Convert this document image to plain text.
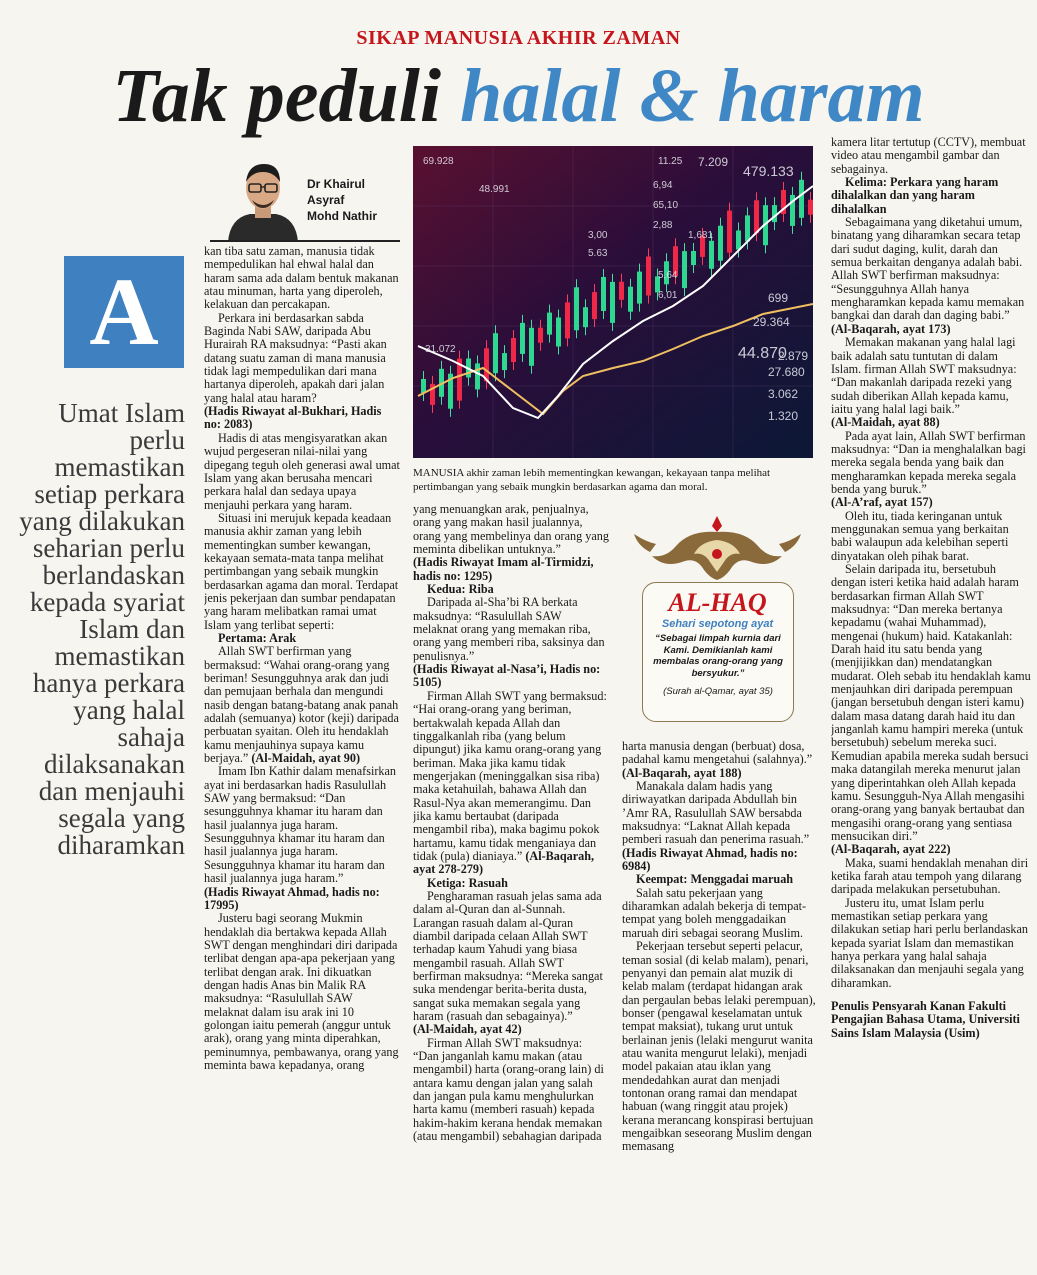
SIKAP MANUSIA AKHIR ZAMAN
Tak peduli halal & haram
Dr Khairul Asyraf
Mohd Nathir
A
Umat Islam perlu memastikan setiap perkara yang dilakukan seharian perlu berlandaskan kepada syariat Islam dan memastikan hanya perkara yang halal sahaja dilaksanakan dan menjauhi segala yang diharamkan

kan tiba satu zaman, manusia tidak mempedulikan hal ehwal halal dan haram sama ada dalam bentuk makanan atau minuman, harta yang diperoleh, kelakuan dan percakapan.

Perkara ini berdasarkan sabda Baginda Nabi SAW, daripada Abu Hurairah RA maksudnya: “Pasti akan datang suatu zaman di mana manusia tidak lagi mempedulikan dari mana hartanya diperoleh, apakah dari jalan yang halal atau haram?

(Hadis Riwayat al-Bukhari, Hadis no: 2083)

Hadis di atas mengisyaratkan akan wujud pergeseran nilai-nilai yang dipegang teguh oleh generasi awal umat Islam yang akan berusaha mencari perkara halal dan sedaya upaya menjauhi perkara yang haram.

Situasi ini merujuk kepada keadaan manusia akhir zaman yang lebih mementingkan sumber kewangan, kekayaan semata-mata tanpa melihat pertimbangan yang sebaik mungkin berdasarkan agama dan moral. Terdapat jenis pekerjaan dan sumbar pendapatan yang haram melibatkan ramai umat Islam yang terlibat seperti:

Pertama: Arak

Allah SWT berfirman yang bermaksud: “Wahai orang-orang yang beriman! Sesungguhnya arak dan judi dan pemujaan berhala dan mengundi nasib dengan batang-batang anak panah adalah (semuanya) kotor (keji) daripada perbuatan syaitan. Oleh itu hendaklah kamu menjauhinya supaya kamu berjaya.” (Al-Maidah, ayat 90)

Imam Ibn Kathir dalam menafsirkan ayat ini berdasarkan hadis Rasulullah SAW yang bermaksud: “Dan sesungguhnya khamar itu haram dan hasil jualannya juga haram. Sesungguhnya khamar itu haram dan hasil jualannya juga haram. Sesungguhnya khamar itu haram dan hasil jualannya juga haram.”

(Hadis Riwayat Ahmad, hadis no: 17995)

Justeru bagi seorang Mukmin hendaklah dia bertakwa kepada Allah SWT dengan menghindari diri daripada terlibat dengan apa-apa pekerjaan yang terlibat dengan arak. Ini dikuatkan dengan hadis Anas bin Malik RA maksudnya: “Rasulullah SAW melaknat dalam isu arak ini 10 golongan iaitu pemerah (anggur untuk arak), orang yang minta diperahkan, peminumnya, pembawanya, orang yang meminta bawa kepadanya, orang

69.928
48.991
31.072
479.133
44.870
2.879
27.680
3.062
1.320
699
29.364
6,94
65,10
2,88
1,681
7.209
11.25
6,01
5,64
5.63
3,00
MANUSIA akhir zaman lebih mementingkan kewangan, kekayaan tanpa melihat pertimbangan yang sebaik mungkin berdasarkan agama dan moral.

yang menuangkan arak, penjualnya, orang yang makan hasil jualannya, orang yang membelinya dan orang yang meminta dibelikan untuknya.”

(Hadis Riwayat Imam al-Tirmidzi, hadis no: 1295)

Kedua: Riba

Daripada al-Sha’bi RA berkata maksudnya: “Rasulullah SAW melaknat orang yang memakan riba, orang yang memberi riba, saksinya dan penulisnya.”

(Hadis Riwayat al-Nasa’i, Hadis no: 5105)

Firman Allah SWT yang bermaksud: “Hai orang-orang yang beriman, bertakwalah kepada Allah dan tinggalkanlah riba (yang belum dipungut) jika kamu orang-orang yang beriman. Maka jika kamu tidak mengerjakan (meninggalkan sisa riba) maka ketahuilah, bahawa Allah dan Rasul-Nya akan memerangimu. Dan jika kamu bertaubat (daripada mengambil riba), maka bagimu pokok hartamu, kamu tidak menganiaya dan tidak (pula) dianiaya.” (Al-Baqarah, ayat 278-279)

Ketiga: Rasuah

Pengharaman rasuah jelas sama ada dalam al-Quran dan al-Sunnah. Larangan rasuah dalam al-Quran diambil daripada celaan Allah SWT terhadap kaum Yahudi yang biasa mengambil rasuah. Allah SWT berfirman maksudnya: “Mereka sangat suka mendengar berita-berita dusta, sangat suka memakan segala yang haram (rasuah dan sebagainya).”

(Al-Maidah, ayat 42)

Firman Allah SWT maksudnya: “Dan janganlah kamu makan (atau mengambil) harta (orang-orang lain) di antara kamu dengan jalan yang salah dan jangan pula kamu menghulurkan harta kamu (memberi rasuah) kepada hakim-hakim kerana hendak memakan (atau mengambil) sebahagian daripada

AL-HAQ
Sehari sepotong ayat
“Sebagai limpah kurnia dari Kami. Demikianlah kami membalas orang-orang yang bersyukur.”
(Surah al-Qamar, ayat 35)

harta manusia dengan (berbuat) dosa, padahal kamu mengetahui (salahnya).” (Al-Baqarah, ayat 188)

Manakala dalam hadis yang diriwayatkan daripada Abdullah bin ’Amr RA, Rasulullah SAW bersabda maksudnya: “Laknat Allah kepada pemberi rasuah dan penerima rasuah.”

(Hadis Riwayat Ahmad, hadis no: 6984)

Keempat: Menggadai maruah

Salah satu pekerjaan yang diharamkan adalah bekerja di tempat-tempat yang boleh menggadaikan maruah diri sebagai seorang Muslim.

Pekerjaan tersebut seperti pelacur, teman sosial (di kelab malam), penari, penyanyi dan pemain alat muzik di kelab malam (terdapat hidangan arak dan pergaulan bebas lelaki perempuan), bonser (pengawal keselamatan untuk tempat maksiat), tukang urut untuk berlainan jenis (lelaki mengurut wanita atau wanita mengurut lelaki), menjadi model pakaian atau iklan yang mendedahkan aurat dan menjadi tontonan orang ramai dan mendapat habuan (wang ringgit atau projek) kerana merancang konspirasi bertujuan mengaibkan seseorang Muslim dengan memasang

kamera litar tertutup (CCTV), membuat video atau mengambil gambar dan sebagainya.

Kelima: Perkara yang haram dihalalkan dan yang haram dihalalkan

Sebagaimana yang diketahui umum, binatang yang diharamkan secara tetap dari sudut daging, kulit, darah dan semua berkaitan denganya adalah babi. Allah SWT berfirman maksudnya: “Sesungguhnya Allah hanya mengharamkan kepada kamu memakan bangkai dan darah dan daging babi.”

(Al-Baqarah, ayat 173)

Memakan makanan yang halal lagi baik adalah satu tuntutan di dalam Islam. firman Allah SWT maksudnya: “Dan makanlah daripada rezeki yang sudah diberikan Allah kepada kamu, iaitu yang halal lagi baik.”

(Al-Maidah, ayat 88)

Pada ayat lain, Allah SWT berfirman maksudnya: “Dan ia menghalalkan bagi mereka segala benda yang baik dan mengharamkan kepada mereka segala benda yang buruk.”

(Al-A’raf, ayat 157)

Oleh itu, tiada keringanan untuk menggunakan semua yang berkaitan babi walaupun ada kelebihan seperti dinyatakan oleh pihak barat.

Selain daripada itu, bersetubuh dengan isteri ketika haid adalah haram berdasarkan firman Allah SWT maksudnya: “Dan mereka bertanya kepadamu (wahai Muhammad), mengenai (hukum) haid. Katakanlah: Darah haid itu satu benda yang (menjijikkan dan) mendatangkan mudarat. Oleh sebab itu hendaklah kamu menjauhkan diri daripada perempuan (jangan bersetubuh dengan isteri kamu) dalam masa datang darah haid itu dan janganlah kamu hampiri mereka (untuk bersetubuh) sebelum mereka suci. Kemudian apabila mereka sudah bersuci maka datangilah mereka menurut jalan yang diperintahkan oleh Allah kepada kamu. Sesungguh-Nya Allah mengasihi orang-orang yang banyak bertaubat dan mengasihi orang-orang yang sentiasa mensucikan diri.”

(Al-Baqarah, ayat 222)

Maka, suami hendaklah menahan diri ketika farah atau tempoh yang dilarang daripada melakukan persetubuhan.

Justeru itu, umat Islam perlu memastikan setiap perkara yang dilakukan setiap hari perlu berlandaskan kepada syariat Islam dan memastikan hanya perkara yang halal sahaja dilaksanakan dan menjauhi segala yang diharamkan.

Penulis Pensyarah Kanan Fakulti Pengajian Bahasa Utama, Universiti Sains Islam Malaysia (Usim)
